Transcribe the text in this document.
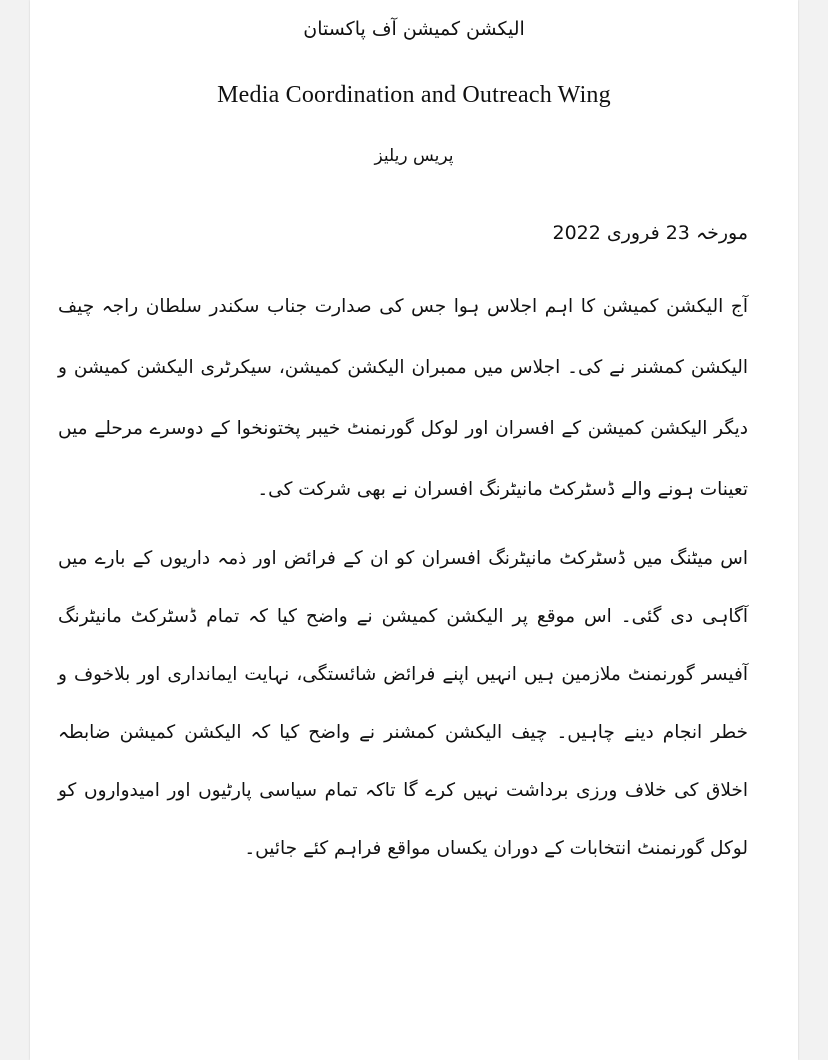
الیکشن کمیشن آف پاکستان

Media Coordination and Outreach Wing

پریس ریلیز

مورخہ 23 فروری 2022

آج الیکشن کمیشن کا اہم اجلاس ہوا جس کی صدارت جناب سکندر سلطان راجہ چیف الیکشن کمشنر نے کی۔ اجلاس میں ممبران الیکشن کمیشن، سیکرٹری الیکشن کمیشن و دیگر الیکشن کمیشن کے افسران اور لوکل گورنمنٹ خیبر پختونخوا کے دوسرے مرحلے میں تعینات ہونے والے ڈسٹرکٹ مانیٹرنگ افسران نے بھی شرکت کی۔

اس میٹنگ میں ڈسٹرکٹ مانیٹرنگ افسران کو ان کے فرائض اور ذمہ داریوں کے بارے میں آگاہی دی گئی۔ اس موقع پر الیکشن کمیشن نے واضح کیا کہ تمام ڈسٹرکٹ مانیٹرنگ آفیسر گورنمنٹ ملازمین ہیں انہیں اپنے فرائض شائستگی، نہایت ایمانداری اور بلاخوف و خطر انجام دینے چاہیں۔ چیف الیکشن کمشنر نے واضح کیا کہ الیکشن کمیشن ضابطہ اخلاق کی خلاف ورزی برداشت نہیں کرے گا تاکہ تمام سیاسی پارٹیوں اور امیدواروں کو لوکل گورنمنٹ انتخابات کے دوران یکساں مواقع فراہم کئے جائیں۔
